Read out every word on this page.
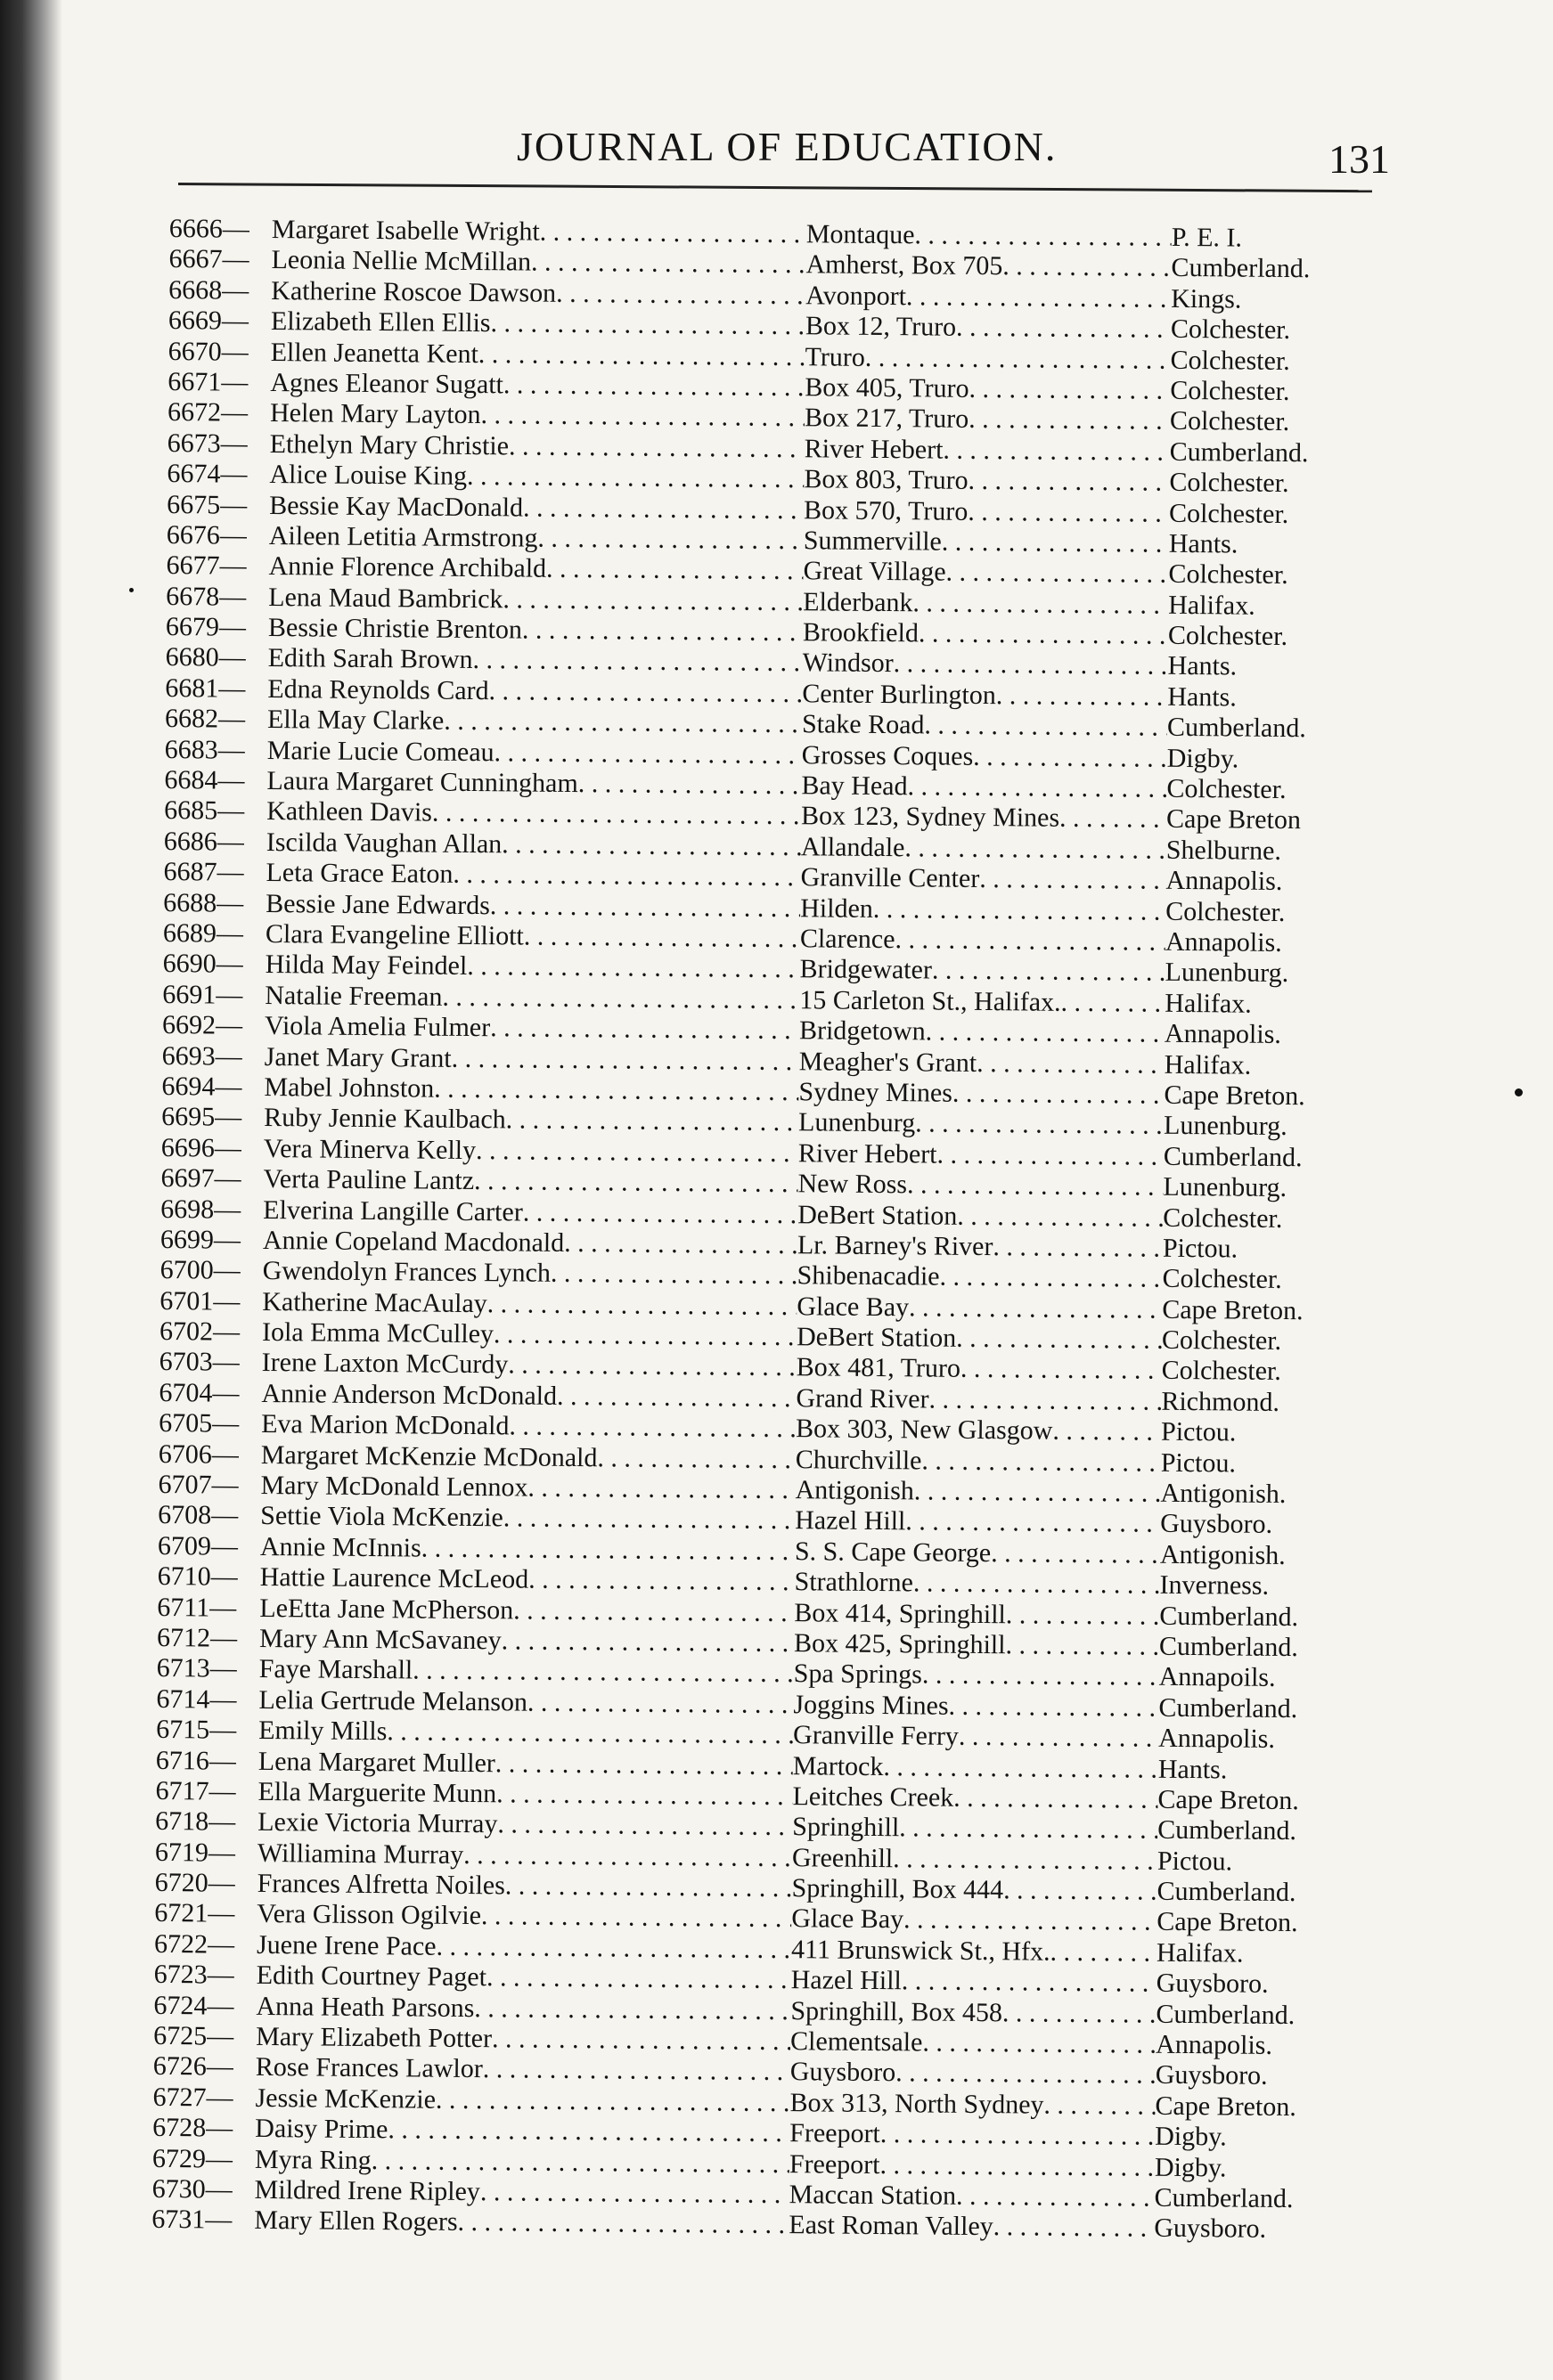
JOURNAL OF EDUCATION.	131
6666— Margaret Isabelle Wright . . .	Montaque . . .	P. E. I.
6667— Leonia Nellie McMillan . . .	Amherst, Box 705 . . .	Cumberland.
6668— Katherine Roscoe Dawson . . .	Avonport . . .	Kings.
6669— Elizabeth Ellen Ellis . . .	Box 12, Truro . . .	Colchester.
6670— Ellen Jeanetta Kent . . .	Truro . . .	Colchester.
6671— Agnes Eleanor Sugatt . . .	Box 405, Truro . . .	Colchester.
6672— Helen Mary Layton . . .	Box 217, Truro . . .	Colchester.
6673— Ethelyn Mary Christie . . .	River Hebert . . .	Cumberland.
6674— Alice Louise King . . .	Box 803, Truro . . .	Colchester.
6675— Bessie Kay MacDonald . . .	Box 570, Truro . . .	Colchester.
6676— Aileen Letitia Armstrong . . .	Summerville . . .	Hants.
6677— Annie Florence Archibald . . .	Great Village . . .	Colchester.
6678— Lena Maud Bambrick . . .	Elderbank . . .	Halifax.
6679— Bessie Christie Brenton . . .	Brookfield . . .	Colchester.
6680— Edith Sarah Brown . . .	Windsor . . .	Hants.
6681— Edna Reynolds Card . . .	Center Burlington . . .	Hants.
6682— Ella May Clarke . . .	Stake Road . . .	Cumberland.
6683— Marie Lucie Comeau . . .	Grosses Coques . . .	Digby.
6684— Laura Margaret Cunningham . . .	Bay Head . . .	Colchester.
6685— Kathleen Davis . . .	Box 123, Sydney Mines . . .	Cape Breton
6686— Iscilda Vaughan Allan . . .	Allandale . . .	Shelburne.
6687— Leta Grace Eaton . . .	Granville Center . . .	Annapolis.
6688— Bessie Jane Edwards . . .	Hilden . . .	Colchester.
6689— Clara Evangeline Elliott . . .	Clarence . . .	Annapolis.
6690— Hilda May Feindel . . .	Bridgewater . . .	Lunenburg.
6691— Natalie Freeman . . .	15 Carleton St., Halifax. . . .	Halifax.
6692— Viola Amelia Fulmer . . .	Bridgetown . . .	Annapolis.
6693— Janet Mary Grant . . .	Meagher's Grant . . .	Halifax.
6694— Mabel Johnston . . .	Sydney Mines . . .	Cape Breton.
6695— Ruby Jennie Kaulbach . . .	Lunenburg . . .	Lunenburg.
6696— Vera Minerva Kelly . . .	River Hebert . . .	Cumberland.
6697— Verta Pauline Lantz . . .	New Ross . . .	Lunenburg.
6698— Elverina Langille Carter . . .	DeBert Station . . .	Colchester.
6699— Annie Copeland Macdonald . . .	Lr. Barney's River . . .	Pictou.
6700— Gwendolyn Frances Lynch . . .	Shibenacadie . . .	Colchester.
6701— Katherine MacAulay . . .	Glace Bay . . .	Cape Breton.
6702— Iola Emma McCulley . . .	DeBert Station . . .	Colchester.
6703— Irene Laxton McCurdy . . .	Box 481, Truro . . .	Colchester.
6704— Annie Anderson McDonald . . .	Grand River . . .	Richmond.
6705— Eva Marion McDonald . . .	Box 303, New Glasgow . . .	Pictou.
6706— Margaret McKenzie McDonald . . .	Churchville . . .	Pictou.
6707— Mary McDonald Lennox . . .	Antigonish . . .	Antigonish.
6708— Settie Viola McKenzie . . .	Hazel Hill . . .	Guysboro.
6709— Annie McInnis . . .	S. S. Cape George . . .	Antigonish.
6710— Hattie Laurence McLeod . . .	Strathlorne . . .	Inverness.
6711— LeEtta Jane McPherson . . .	Box 414, Springhill . . .	Cumberland.
6712— Mary Ann McSavaney . . .	Box 425, Springhill . . .	Cumberland.
6713— Faye Marshall . . .	Spa Springs . . .	Annapoils.
6714— Lelia Gertrude Melanson . . .	Joggins Mines . . .	Cumberland.
6715— Emily Mills . . .	Granville Ferry . . .	Annapolis.
6716— Lena Margaret Muller . . .	Martock . . .	Hants.
6717— Ella Marguerite Munn . . .	Leitches Creek . . .	Cape Breton.
6718— Lexie Victoria Murray . . .	Springhill . . .	Cumberland.
6719— Williamina Murray . . .	Greenhill . . .	Pictou.
6720— Frances Alfretta Noiles . . .	Springhill, Box 444 . . .	Cumberland.
6721— Vera Glisson Ogilvie . . .	Glace Bay . . .	Cape Breton.
6722— Juene Irene Pace . . .	411 Brunswick St., Hfx. . . .	Halifax.
6723— Edith Courtney Paget . . .	Hazel Hill . . .	Guysboro.
6724— Anna Heath Parsons . . .	Springhill, Box 458 . . .	Cumberland.
6725— Mary Elizabeth Potter . . .	Clementsale . . .	Annapolis.
6726— Rose Frances Lawlor . . .	Guysboro . . .	Guysboro.
6727— Jessie McKenzie . . .	Box 313, North Sydney . . .	Cape Breton.
6728— Daisy Prime . . .	Freeport . . .	Digby.
6729— Myra Ring . . .	Freeport . . .	Digby.
6730— Mildred Irene Ripley . . .	Maccan Station . . .	Cumberland.
6731— Mary Ellen Rogers . . .	East Roman Valley . . .	Guysboro.
